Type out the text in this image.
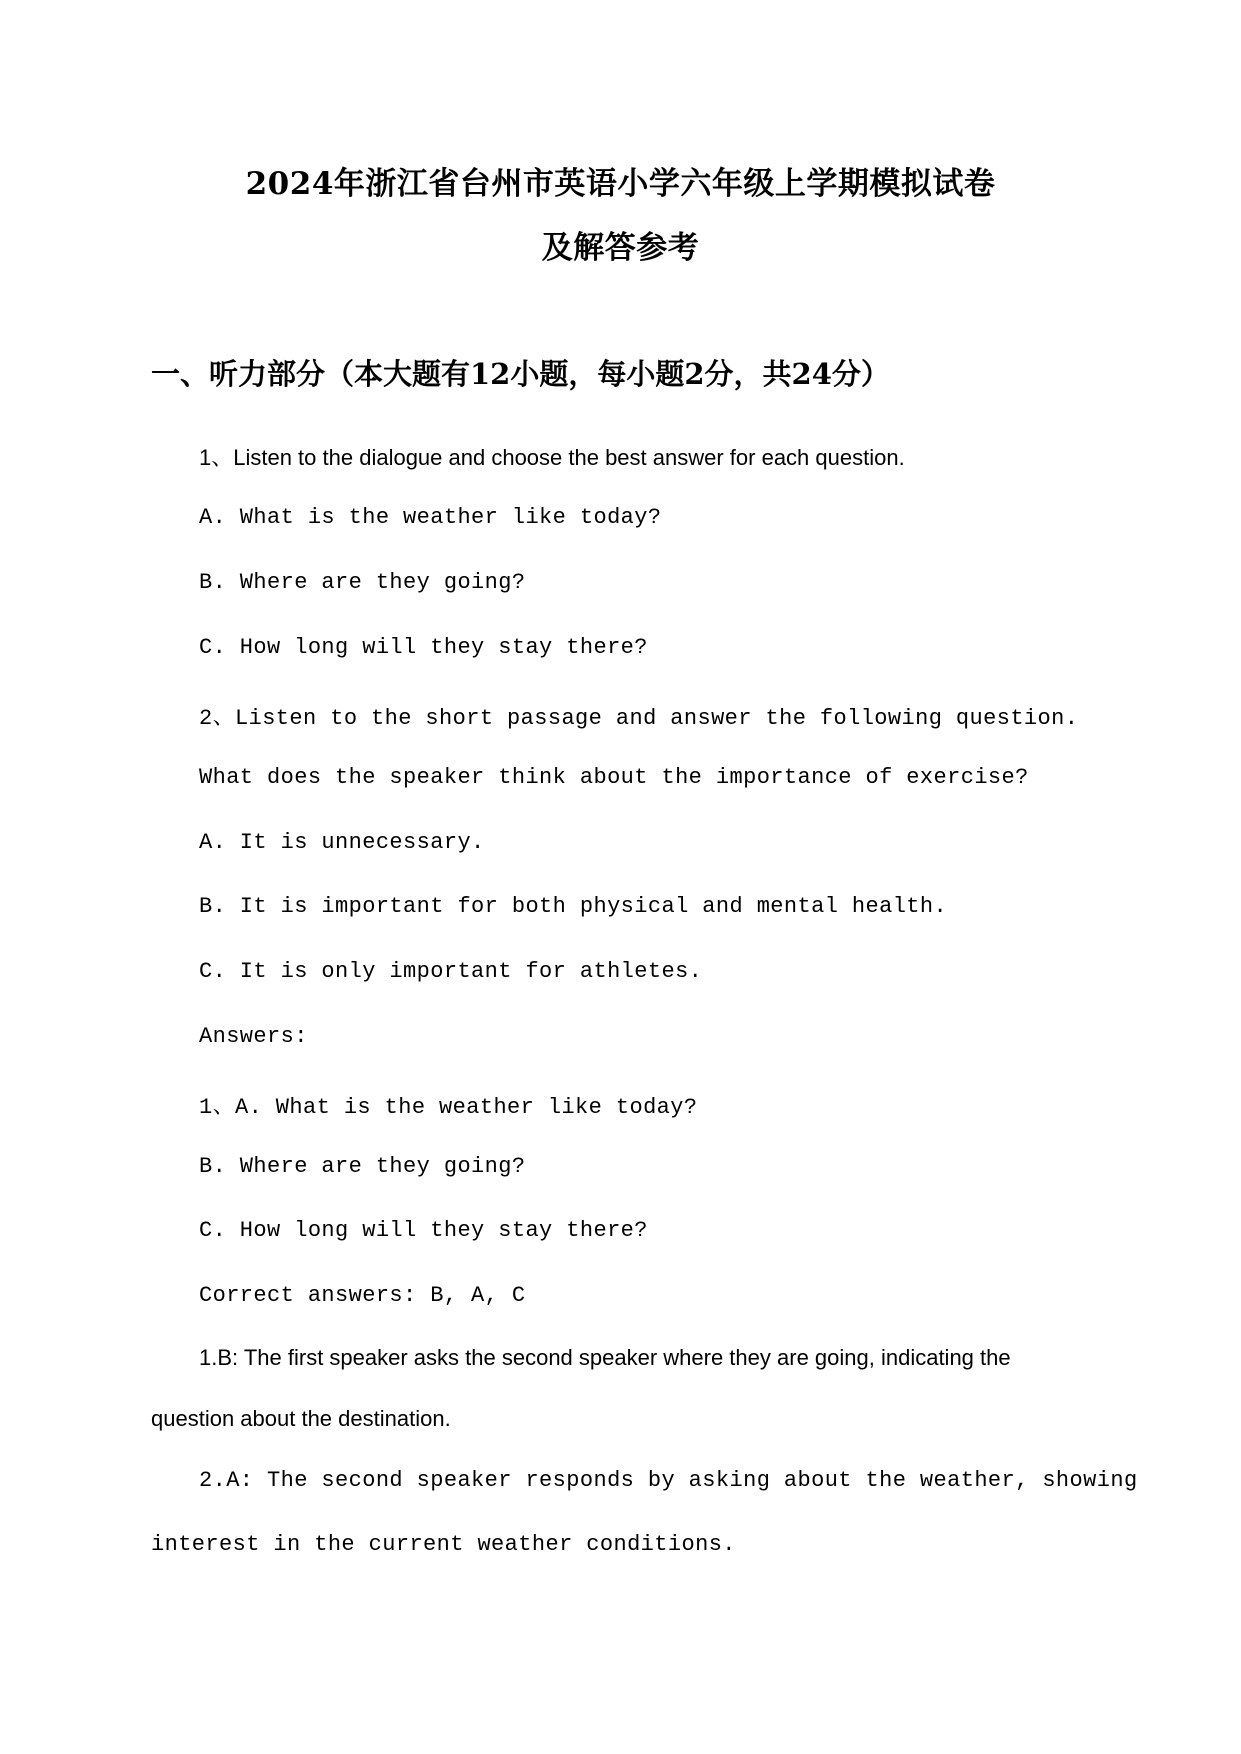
2024年浙江省台州市英语小学六年级上学期模拟试卷
及解答参考
一、听力部分（本大题有12小题，每小题2分，共24分）
1、Listen to the dialogue and choose the best answer for each question.
A. What is the weather like today?
B. Where are they going?
C. How long will they stay there?
2、Listen to the short passage and answer the following question.
What does the speaker think about the importance of exercise?
A. It is unnecessary.
B. It is important for both physical and mental health.
C. It is only important for athletes.
Answers:
1、A. What is the weather like today?
B. Where are they going?
C. How long will they stay there?
Correct answers: B, A, C
1.B: The first speaker asks the second speaker where they are going, indicating the
question about the destination.
2.A: The second speaker responds by asking about the weather, showing
interest in the current weather conditions.
